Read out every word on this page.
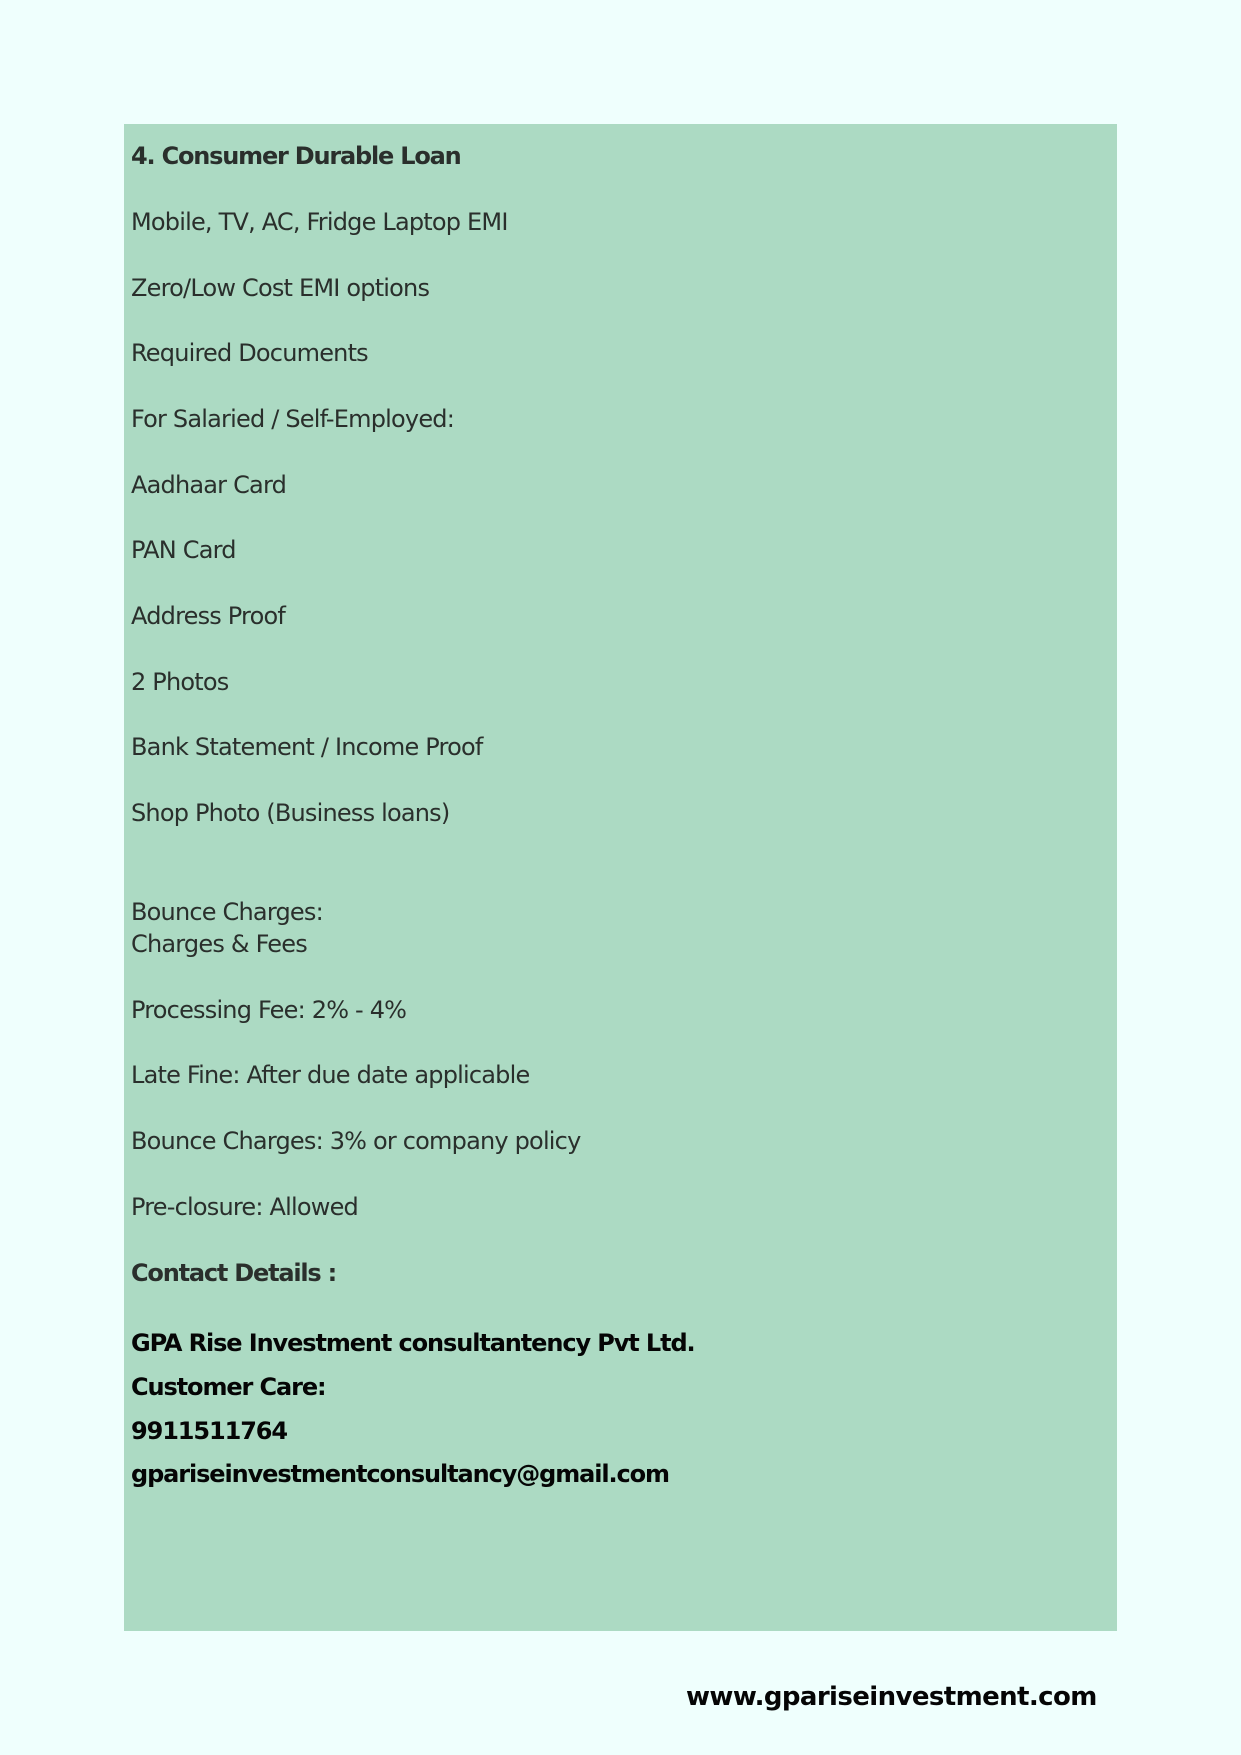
4. Consumer Durable Loan
Mobile, TV, AC, Fridge Laptop EMI
Zero/Low Cost EMI options
Required Documents
For Salaried / Self-Employed:
Aadhaar Card
PAN Card
Address Proof
2 Photos
Bank Statement / Income Proof
Shop Photo (Business loans)
Bounce Charges:
Charges & Fees
Processing Fee: 2% - 4%
Late Fine: After due date applicable
Bounce Charges: 3% or company policy
Pre-closure: Allowed
Contact Details :
GPA Rise Investment consultantency Pvt Ltd.
Customer Care:
9911511764
gpariseinvestmentconsultancy@gmail.com
www.gpariseinvestment.com
